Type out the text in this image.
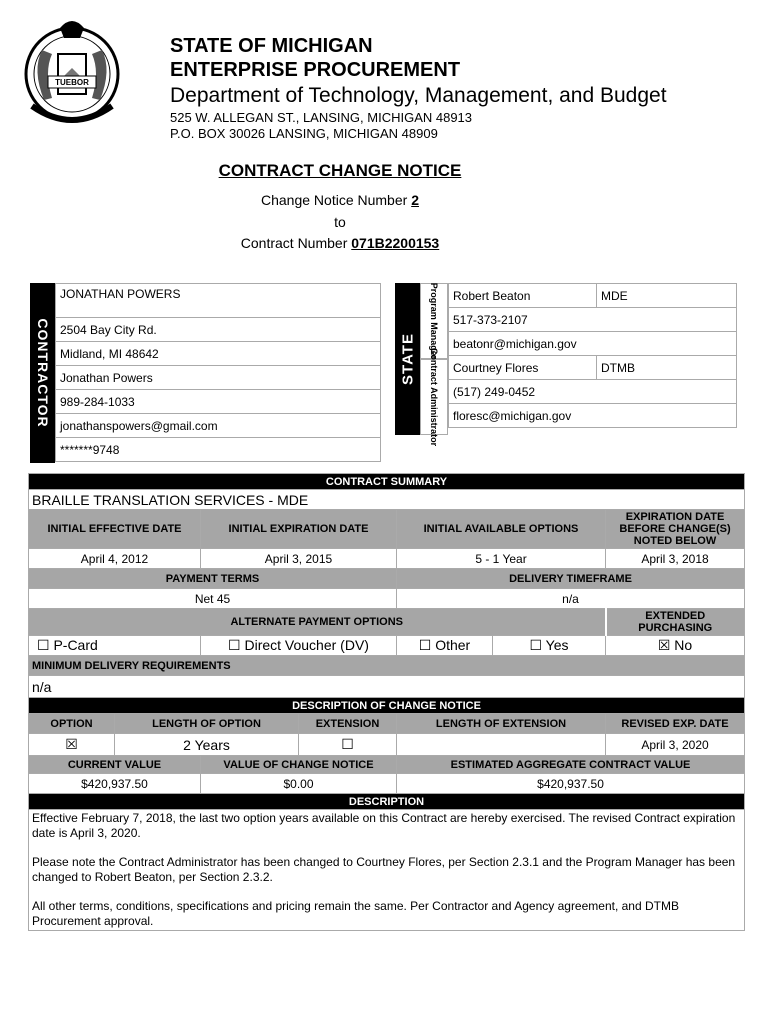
TUEBOR
STATE OF MICHIGAN
ENTERPRISE PROCUREMENT
Department of Technology, Management, and Budget
525 W. ALLEGAN ST., LANSING, MICHIGAN 48913
P.O. BOX 30026 LANSING, MICHIGAN 48909
CONTRACT CHANGE NOTICE
Change Notice Number 2
to
Contract Number 071B2200153
CONTRACTOR
JONATHAN POWERS
2504 Bay City Rd.
Midland, MI 48642
Jonathan Powers
989-284-1033
jonathanspowers@gmail.com
*******9748
STATE Program Manager
Contract Administrator
Robert Beaton	MDE
517-373-2107	
beatonr@michigan.gov	
Courtney Flores	DTMB
(517) 249-0452	
floresc@michigan.gov	
CONTRACT SUMMARY						
BRAILLE TRANSLATION SERVICES - MDE						
INITIAL EFFECTIVE DATE		INITIAL EXPIRATION DATE		INITIAL AVAILABLE OPTIONS		EXPIRATION DATE BEFORE CHANGE(S) NOTED BELOW
April 4, 2012		April 3, 2015		5 - 1 Year		April 3, 2018
PAYMENT TERMS				DELIVERY TIMEFRAME		
Net 45				n/a		
ALTERNATE PAYMENT OPTIONS						EXTENDED PURCHASING
☐ P-Card		☐ Direct Voucher (DV)		☐ Other	☐ Yes	☒ No
MINIMUM DELIVERY REQUIREMENTS						
n/a						
DESCRIPTION OF CHANGE NOTICE						
OPTION	LENGTH OF OPTION		EXTENSION	LENGTH OF EXTENSION		REVISED EXP. DATE
☒	2 Years		☐			April 3, 2020
CURRENT VALUE		VALUE OF CHANGE NOTICE		ESTIMATED AGGREGATE CONTRACT VALUE		
$420,937.50		$0.00		$420,937.50		
DESCRIPTION						

Effective February 7, 2018, the last two option years available on this Contract are hereby exercised. The revised Contract expiration date is April 3, 2020.

Please note the Contract Administrator has been changed to Courtney Flores, per Section 2.3.1 and the Program Manager has been changed to Robert Beaton, per Section 2.3.2.

All other terms, conditions, specifications and pricing remain the same. Per Contractor and Agency agreement, and DTMB Procurement approval.						
